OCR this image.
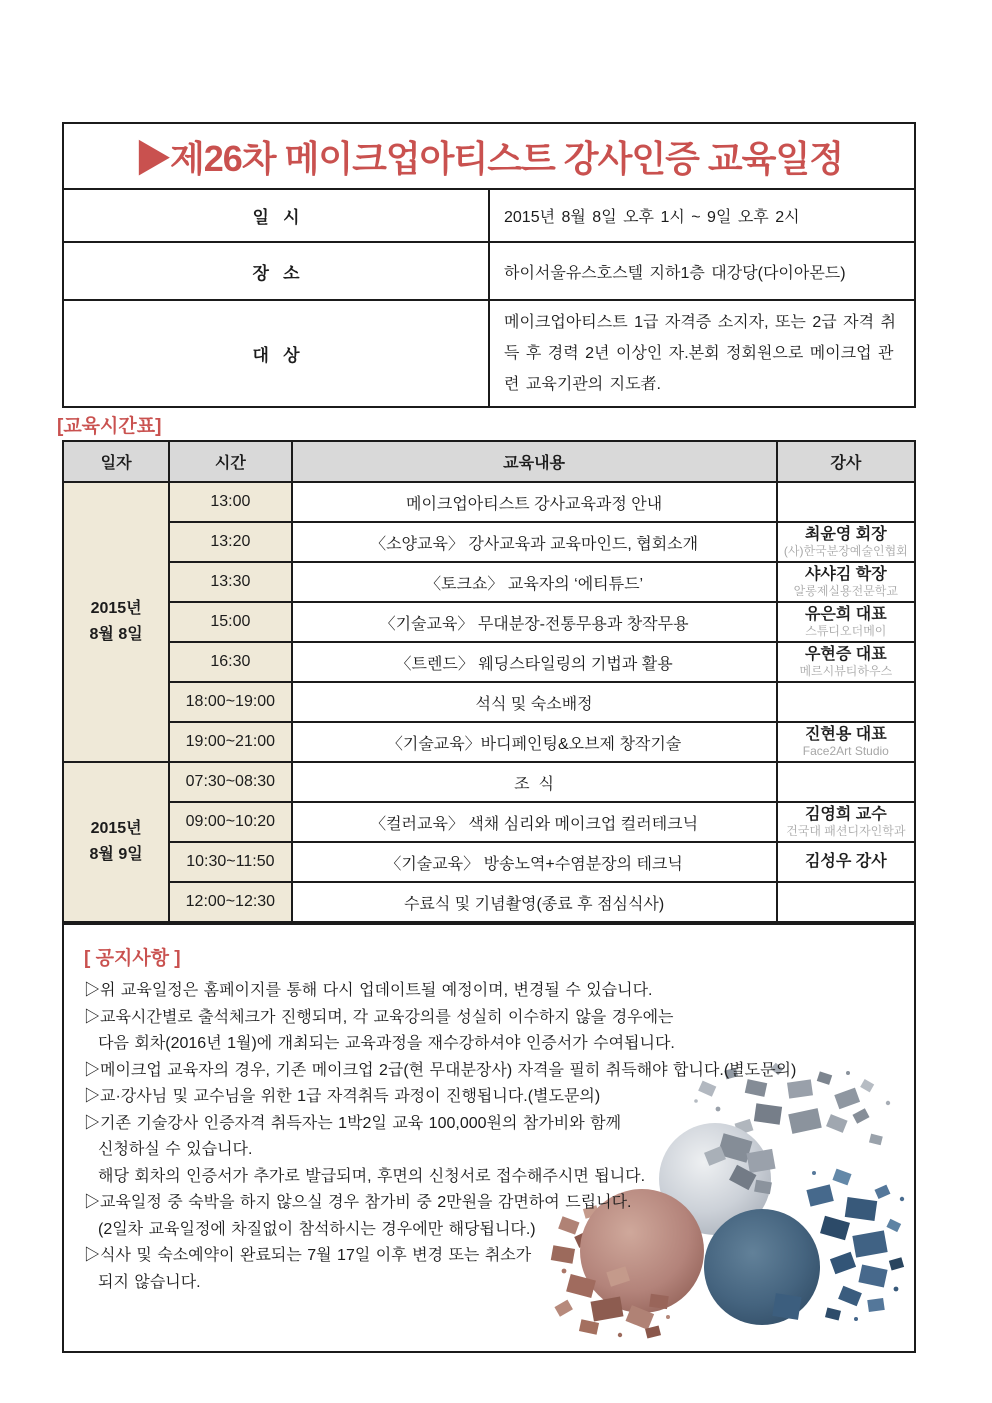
▶제26차 메이크업아티스트 강사인증 교육일정	
일   시	2015년 8월 8일 오후 1시 ~ 9일 오후 2시
장   소	하이서울유스호스텔 지하1층 대강당(다이아몬드)
대   상	메이크업아티스트 1급 자격증 소지자, 또는 2급 자격 취득 후 경력 2년 이상인 자.본회 정회원으로 메이크업 관련 교육기관의 지도者.
[교육시간표]
일자	시간	교육내용	강사

2015년
8월 8일	13:00	메이크업아티스트 강사교육과정 안내	

	13:20	〈소양교육〉 강사교육과 교육마인드, 협회소개	최윤영 회장
(사)한국분장예술인협회

	13:30	〈토크쇼〉 교육자의 ‘에티튜드’	샤샤김 학장
알롱제실용전문학교

	15:00	〈기술교육〉 무대분장-전통무용과 창작무용	유은희 대표
스튜디오더메이

	16:30	〈트렌드〉 웨딩스타일링의 기법과 활용	우현증 대표
메르시뷰티하우스

	18:00~19:00	석식 및 숙소배정	
	19:00~21:00	〈기술교육〉바디페인팅&오브제 창작기술	진현용 대표
Face2Art Studio

2015년
8월 9일	07:30~08:30	조  식	
	09:00~10:20	〈컬러교육〉 색채 심리와 메이크업 컬러테크닉	김영희 교수
건국대 패션디자인학과

	10:30~11:50	〈기술교육〉 방송노역+수염분장의 테크닉	김성우 강사

	12:00~12:30	수료식 및 기념촬영(종료 후 점심식사)	
[ 공지사항 ]
▷위 교육일정은 홈페이지를 통해 다시 업데이트될 예정이며, 변경될 수 있습니다.
▷교육시간별로 출석체크가 진행되며, 각 교육강의를 성실히 이수하지 않을 경우에는
다음 회차(2016년 1월)에 개최되는 교육과정을 재수강하셔야 인증서가 수여됩니다.
▷메이크업 교육자의 경우, 기존 메이크업 2급(현 무대분장사) 자격을 필히 취득해야 합니다.(별도문의)
▷교·강사님 및 교수님을 위한 1급 자격취득 과정이 진행됩니다.(별도문의)
▷기존 기술강사 인증자격 취득자는 1박2일 교육 100,000원의 참가비와 함께
신청하실 수 있습니다.
해당 회차의 인증서가 추가로 발급되며, 후면의 신청서로 접수해주시면 됩니다.
▷교육일정 중 숙박을 하지 않으실 경우 참가비 중 2만원을 감면하여 드립니다.
(2일차 교육일정에 차질없이 참석하시는 경우에만 해당됩니다.)
▷식사 및 숙소예약이 완료되는 7월 17일 이후 변경 또는 취소가
되지 않습니다.
